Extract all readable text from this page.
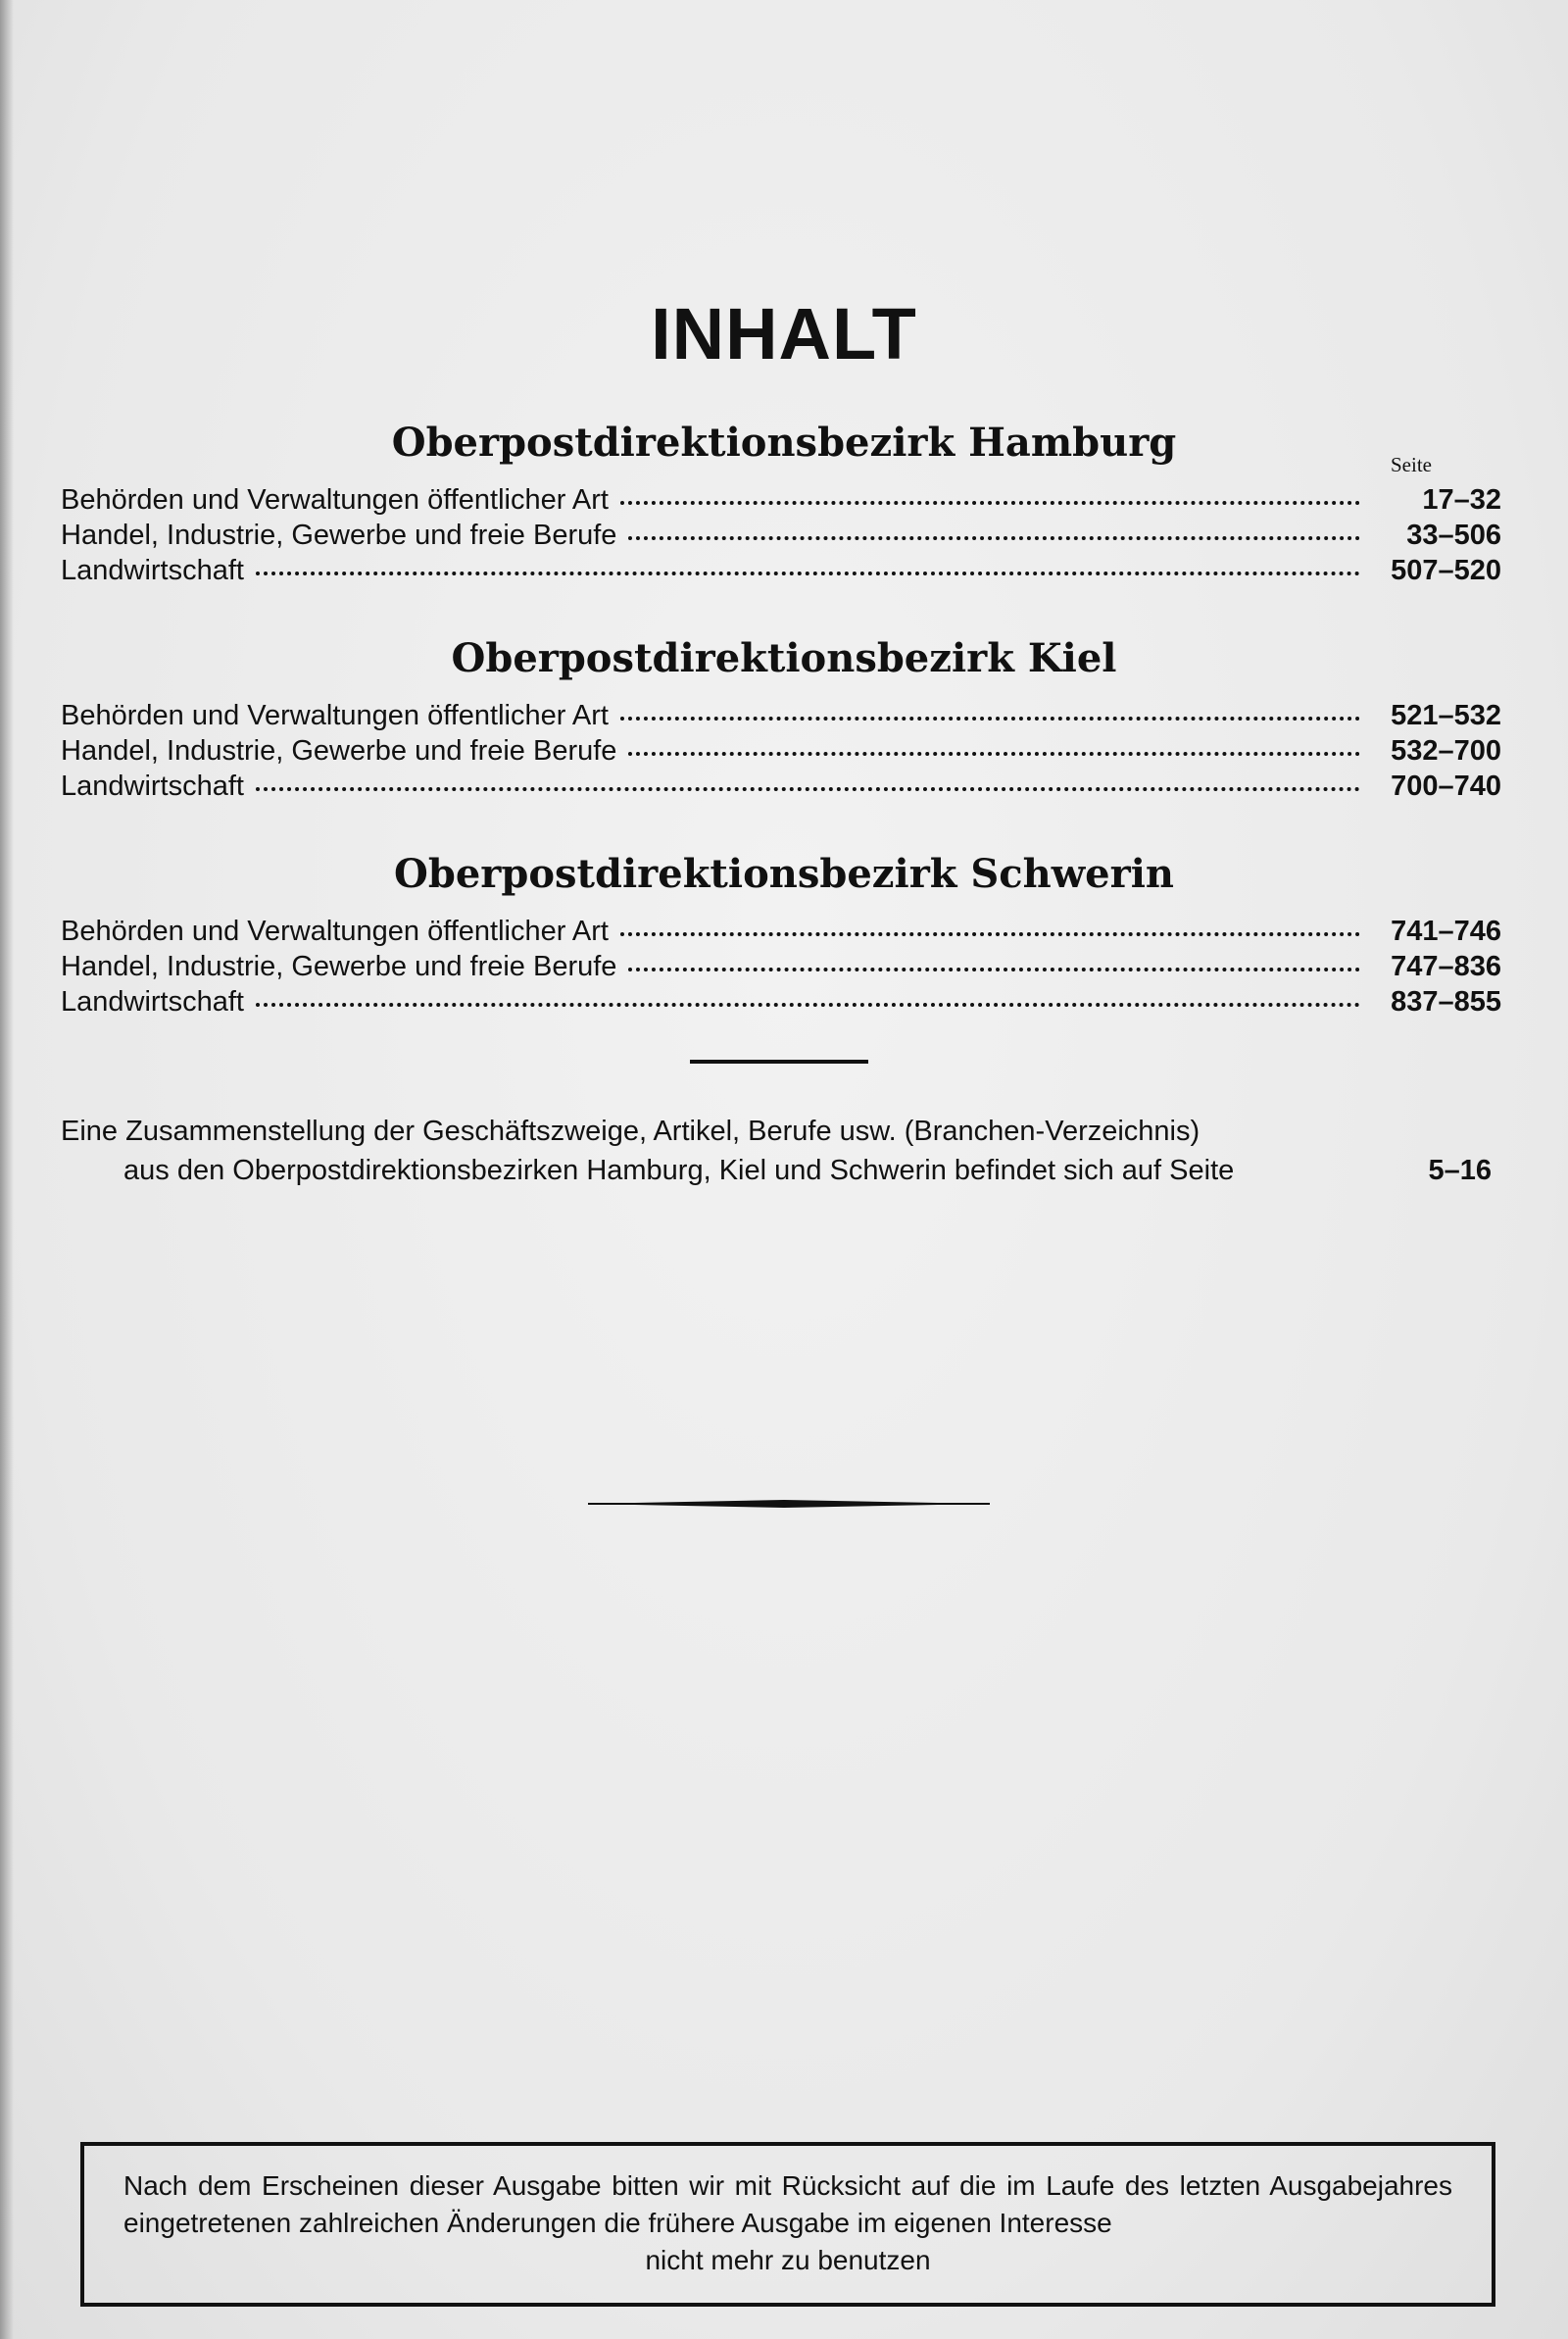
INHALT
Oberpostdirektionsbezirk Hamburg	Seite
Behörden und Verwaltungen öffentlicher Art	17–32
Handel, Industrie, Gewerbe und freie Berufe	33–506
Landwirtschaft	507–520
Oberpostdirektionsbezirk Kiel
Behörden und Verwaltungen öffentlicher Art	521–532
Handel, Industrie, Gewerbe und freie Berufe	532–700
Landwirtschaft	700–740
Oberpostdirektionsbezirk Schwerin
Behörden und Verwaltungen öffentlicher Art	741–746
Handel, Industrie, Gewerbe und freie Berufe	747–836
Landwirtschaft	837–855
Eine Zusammenstellung der Geschäftszweige, Artikel, Berufe usw. (Branchen-Verzeichnis)
aus den Oberpostdirektionsbezirken Hamburg, Kiel und Schwerin befindet sich auf Seite	5–16
Nach dem Erscheinen dieser Ausgabe bitten wir mit Rücksicht auf die im Laufe des letzten Ausgabejahres eingetretenen zahlreichen Änderungen die frühere Ausgabe im eigenen Interesse
nicht mehr zu benutzen
